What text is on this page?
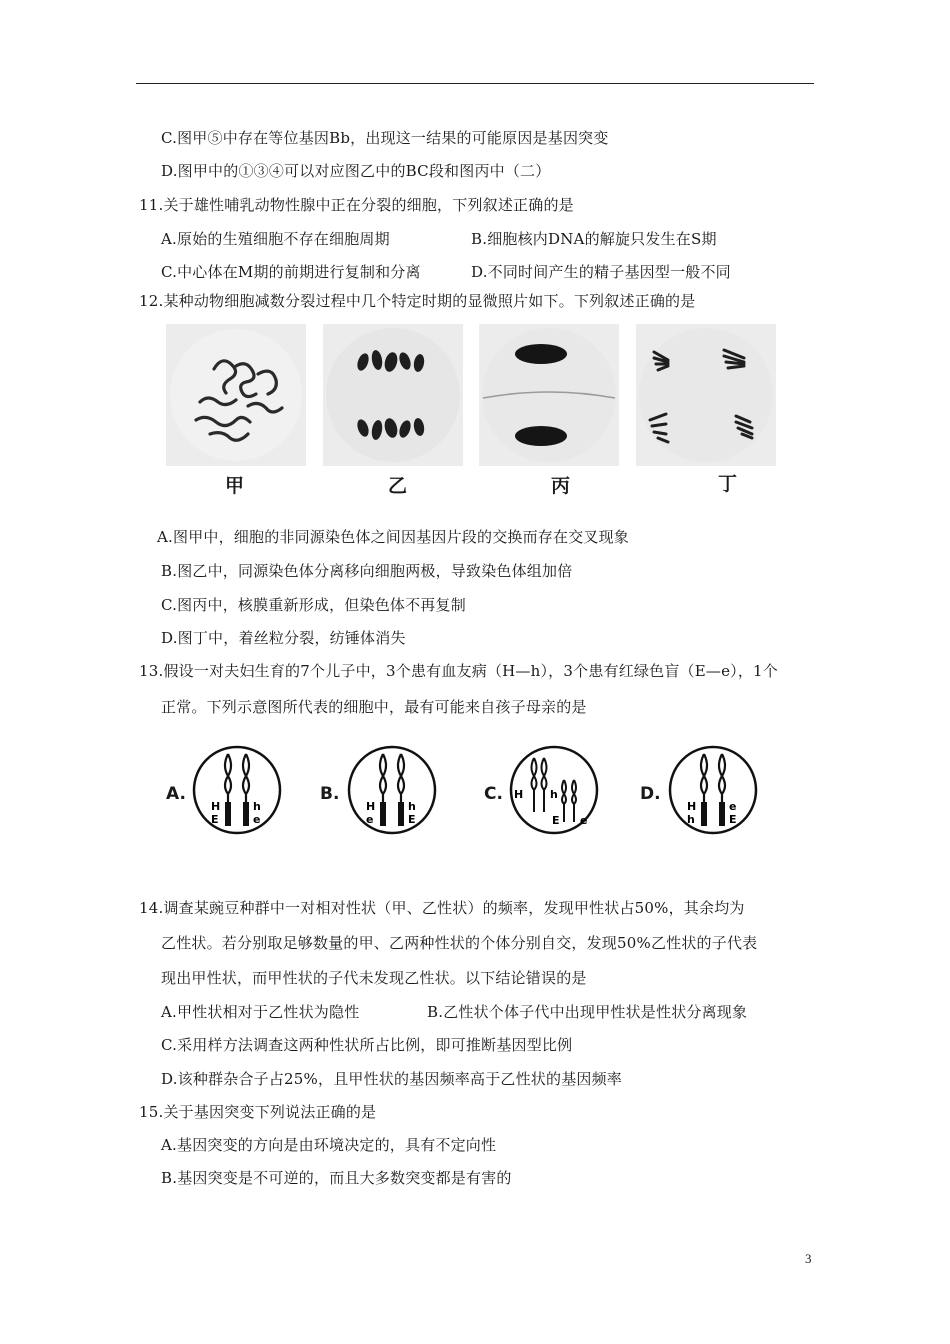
C.图甲⑤中存在等位基因Bb，出现这一结果的可能原因是基因突变
D.图甲中的①③④可以对应图乙中的BC段和图丙中（二）
11.关于雄性哺乳动物性腺中正在分裂的细胞，下列叙述正确的是
A.原始的生殖细胞不存在细胞周期	B.细胞核内DNA的解旋只发生在S期
C.中心体在M期的前期进行复制和分离	D.不同时间产生的精子基因型一般不同
12.某种动物细胞减数分裂过程中几个特定时期的显微照片如下。下列叙述正确的是
甲	乙	丙	丁
A.图甲中，细胞的非同源染色体之间因基因片段的交换而存在交叉现象
B.图乙中，同源染色体分离移向细胞两极，导致染色体组加倍
C.图丙中，核膜重新形成，但染色体不再复制
D.图丁中，着丝粒分裂，纺锤体消失
13.假设一对夫妇生育的7个儿子中，3个患有血友病（H—h），3个患有红绿色盲（E—e），1个
正常。下列示意图所代表的细胞中，最有可能来自孩子母亲的是
A.
H
E
h
e
B.
H
e
h
E
C. H
E
h
e
D.
H
h
e
E
14.调查某豌豆种群中一对相对性状（甲、乙性状）的频率，发现甲性状占50%，其余均为
乙性状。若分别取足够数量的甲、乙两种性状的个体分别自交，发现50%乙性状的子代表
现出甲性状，而甲性状的子代未发现乙性状。以下结论错误的是
A.甲性状相对于乙性状为隐性	B.乙性状个体子代中出现甲性状是性状分离现象
C.采用样方法调查这两种性状所占比例，即可推断基因型比例
D.该种群杂合子占25%，且甲性状的基因频率高于乙性状的基因频率
15.关于基因突变下列说法正确的是
A.基因突变的方向是由环境决定的，具有不定向性
B.基因突变是不可逆的，而且大多数突变都是有害的
3
